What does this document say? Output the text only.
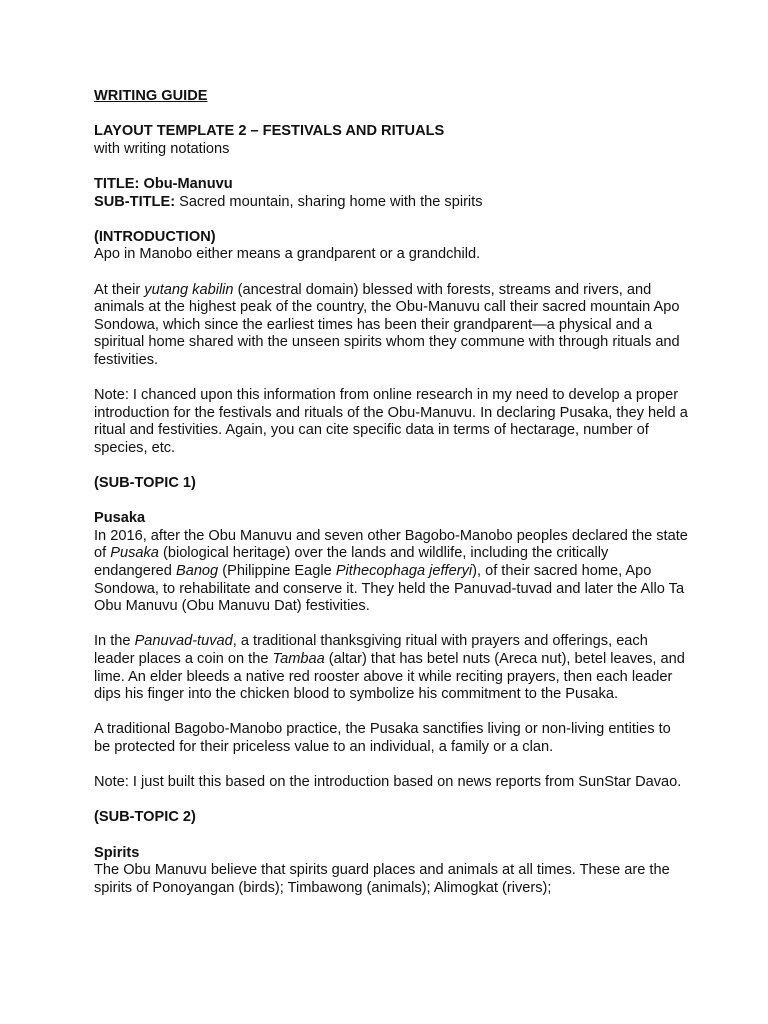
WRITING GUIDE

LAYOUT TEMPLATE 2 – FESTIVALS AND RITUALS

with writing notations

TITLE: Obu-Manuvu

SUB-TITLE: Sacred mountain, sharing home with the spirits

(INTRODUCTION)

Apo in Manobo either means a grandparent or a grandchild.

At their yutang kabilin (ancestral domain) blessed with forests, streams and rivers, and animals at the highest peak of the country, the Obu-Manuvu call their sacred mountain Apo Sondowa, which since the earliest times has been their grandparent—a physical and a spiritual home shared with the unseen spirits whom they commune with through rituals and festivities.

Note: I chanced upon this information from online research in my need to develop a proper introduction for the festivals and rituals of the Obu-Manuvu. In declaring Pusaka, they held a ritual and festivities. Again, you can cite specific data in terms of hectarage, number of species, etc.

(SUB-TOPIC 1)

Pusaka

In 2016, after the Obu Manuvu and seven other Bagobo-Manobo peoples declared the state of Pusaka (biological heritage) over the lands and wildlife, including the critically endangered Banog (Philippine Eagle Pithecophaga jefferyi), of their sacred home, Apo Sondowa, to rehabilitate and conserve it. They held the Panuvad-tuvad and later the Allo Ta Obu Manuvu (Obu Manuvu Dat) festivities.

In the Panuvad-tuvad, a traditional thanksgiving ritual with prayers and offerings, each leader places a coin on the Tambaa (altar) that has betel nuts (Areca nut), betel leaves, and lime. An elder bleeds a native red rooster above it while reciting prayers, then each leader dips his finger into the chicken blood to symbolize his commitment to the Pusaka.

A traditional Bagobo-Manobo practice, the Pusaka sanctifies living or non-living entities to be protected for their priceless value to an individual, a family or a clan.

Note: I just built this based on the introduction based on news reports from SunStar Davao.

(SUB-TOPIC 2)

Spirits

The Obu Manuvu believe that spirits guard places and animals at all times. These are the spirits of Ponoyangan (birds); Timbawong (animals); Alimogkat (rivers);
